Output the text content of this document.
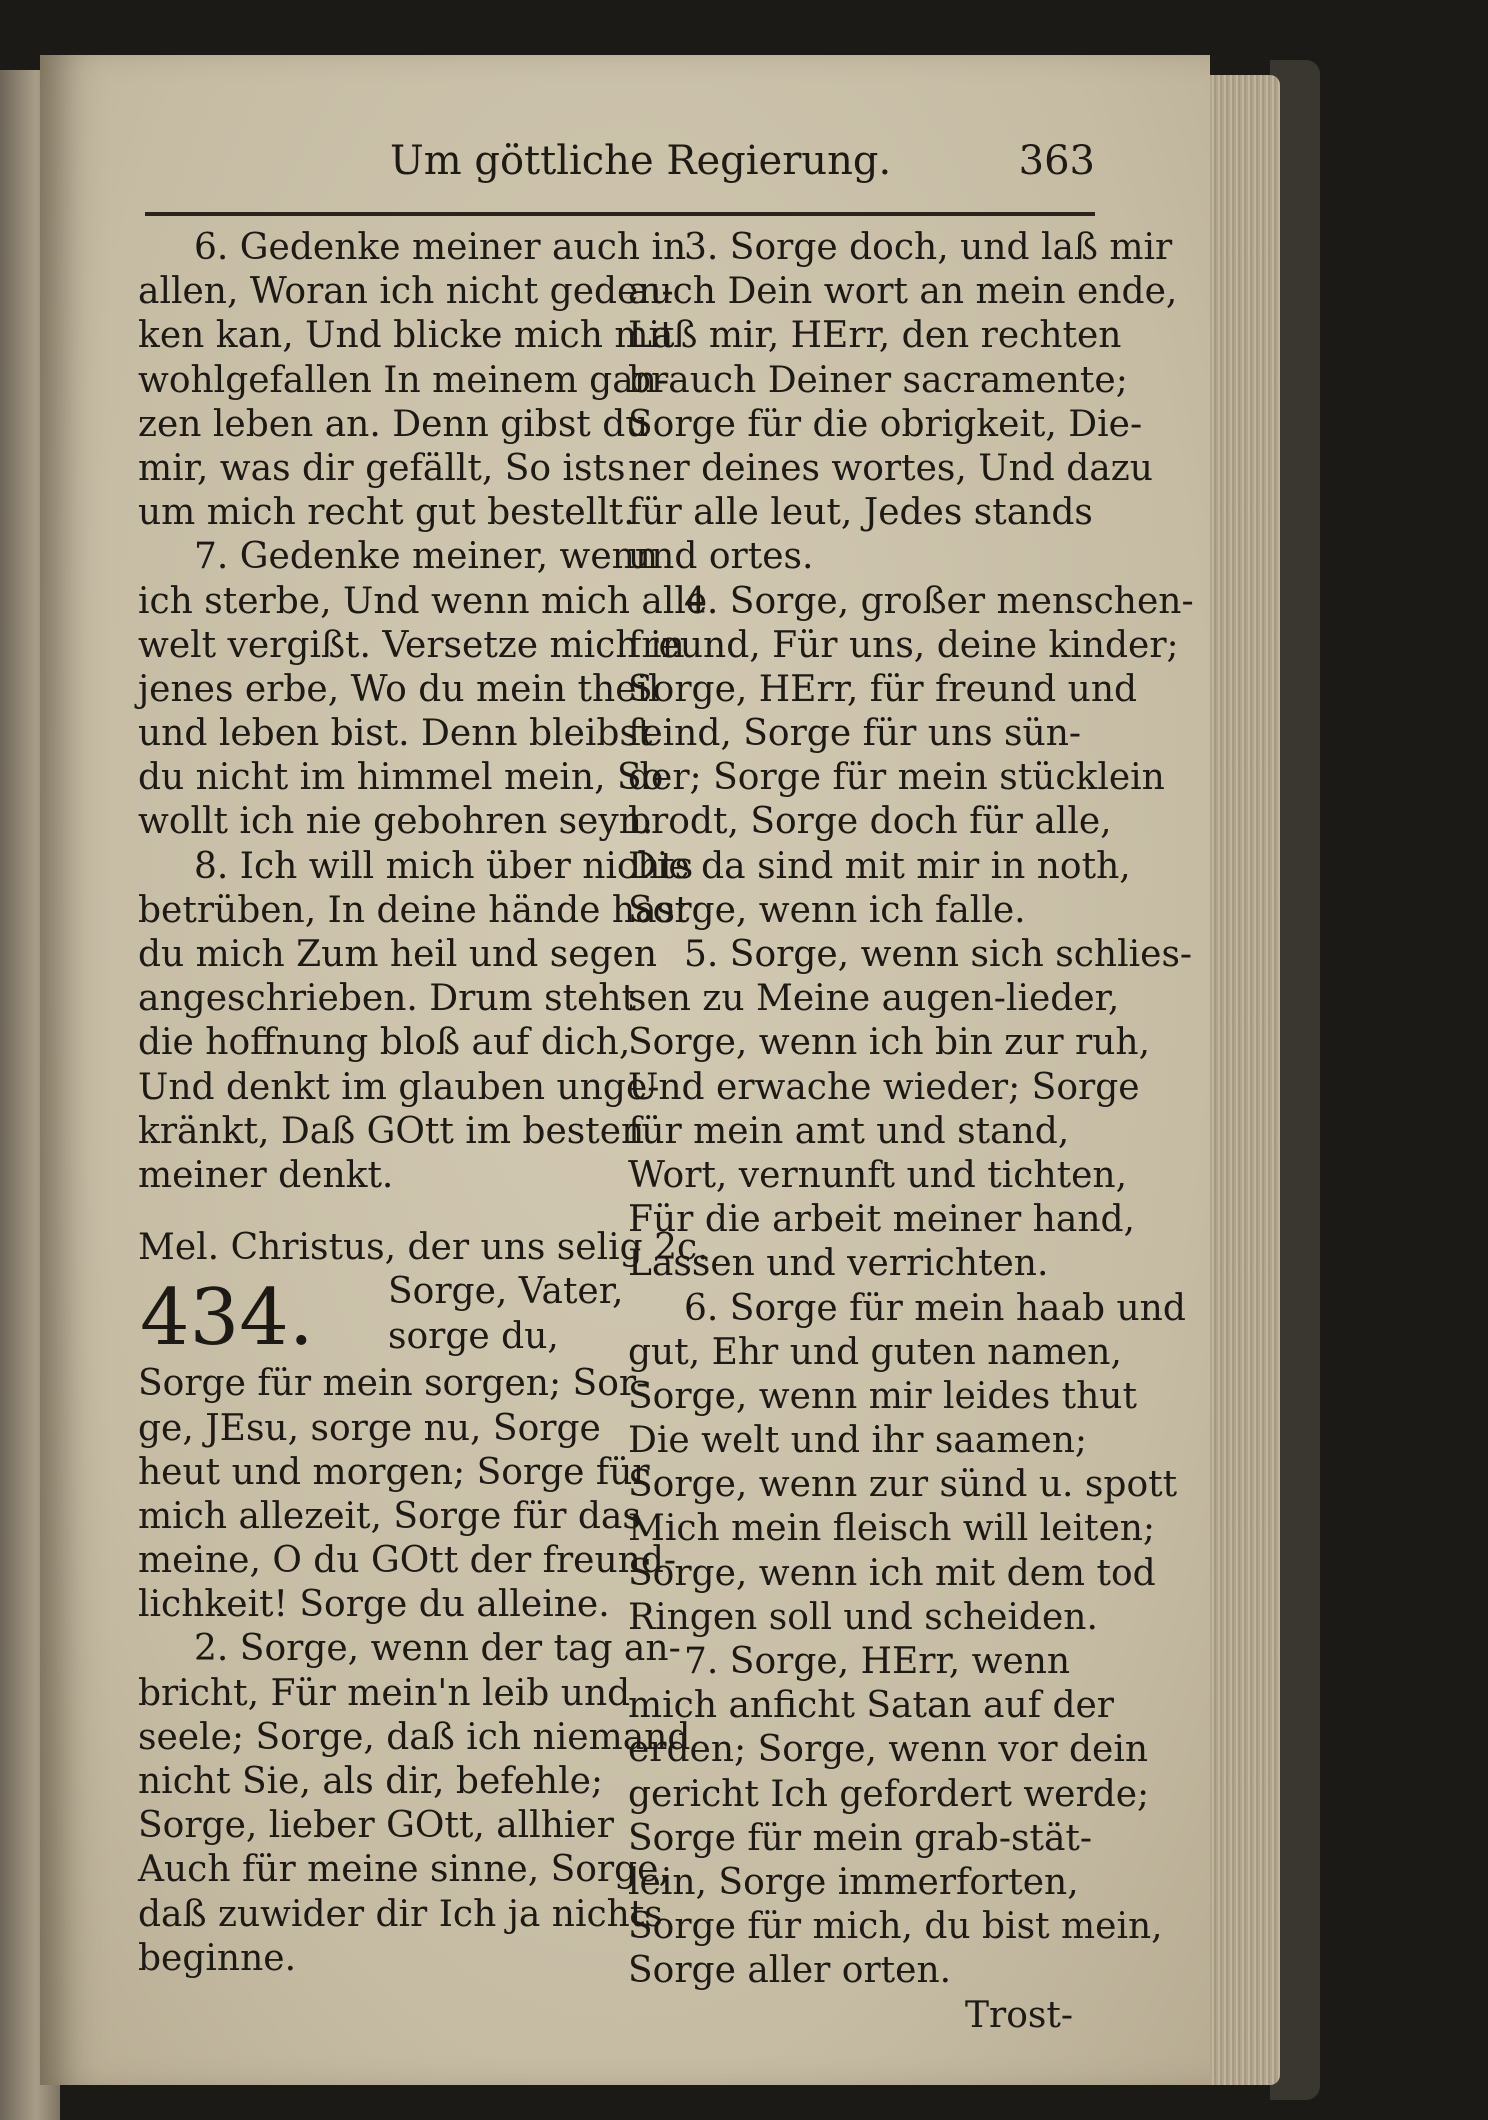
Um göttliche Regierung.	363
6. Gedenke meiner auch in
allen, Woran ich nicht geden-
ken kan, Und blicke mich mit
wohlgefallen In meinem gan-
zen leben an. Denn gibst du
mir, was dir gefällt, So ists
um mich recht gut bestellt.
7. Gedenke meiner, wenn
ich sterbe, Und wenn mich alle
welt vergißt. Versetze mich in
jenes erbe, Wo du mein theil
und leben bist. Denn bleibst
du nicht im himmel mein, So
wollt ich nie gebohren seyn.
8. Ich will mich über nichts
betrüben, In deine hände hast
du mich Zum heil und segen
angeschrieben. Drum steht
die hoffnung bloß auf dich,
Und denkt im glauben unge-
kränkt, Daß GOtt im besten
meiner denkt.
Mel. Christus, der uns selig 2c.
434. Sorge, Vater,
sorge du,
Sorge für mein sorgen; Sor-
ge, JEsu, sorge nu, Sorge
heut und morgen; Sorge für
mich allezeit, Sorge für das
meine, O du GOtt der freund-
lichkeit! Sorge du alleine.
2. Sorge, wenn der tag an-
bricht, Für mein'n leib und
seele; Sorge, daß ich niemand
nicht Sie, als dir, befehle;
Sorge, lieber GOtt, allhier
Auch für meine sinne, Sorge,
daß zuwider dir Ich ja nichts
beginne.
3. Sorge doch, und laß mir
auch Dein wort an mein ende,
Laß mir, HErr, den rechten
brauch Deiner sacramente;
Sorge für die obrigkeit, Die-
ner deines wortes, Und dazu
für alle leut, Jedes stands
und ortes.
4. Sorge, großer menschen-
freund, Für uns, deine kinder;
Sorge, HErr, für freund und
feind, Sorge für uns sün-
der; Sorge für mein stücklein
brodt, Sorge doch für alle,
Die da sind mit mir in noth,
Sorge, wenn ich falle.
5. Sorge, wenn sich schlies-
sen zu Meine augen-lieder,
Sorge, wenn ich bin zur ruh,
Und erwache wieder; Sorge
für mein amt und stand,
Wort, vernunft und tichten,
Für die arbeit meiner hand,
Lassen und verrichten.
6. Sorge für mein haab und
gut, Ehr und guten namen,
Sorge, wenn mir leides thut
Die welt und ihr saamen;
Sorge, wenn zur sünd u. spott
Mich mein fleisch will leiten;
Sorge, wenn ich mit dem tod
Ringen soll und scheiden.
7. Sorge, HErr, wenn
mich anficht Satan auf der
erden; Sorge, wenn vor dein
gericht Ich gefordert werde;
Sorge für mein grab-stät-
lein, Sorge immerforten,
Sorge für mich, du bist mein,
Sorge aller orten.
Trost-
